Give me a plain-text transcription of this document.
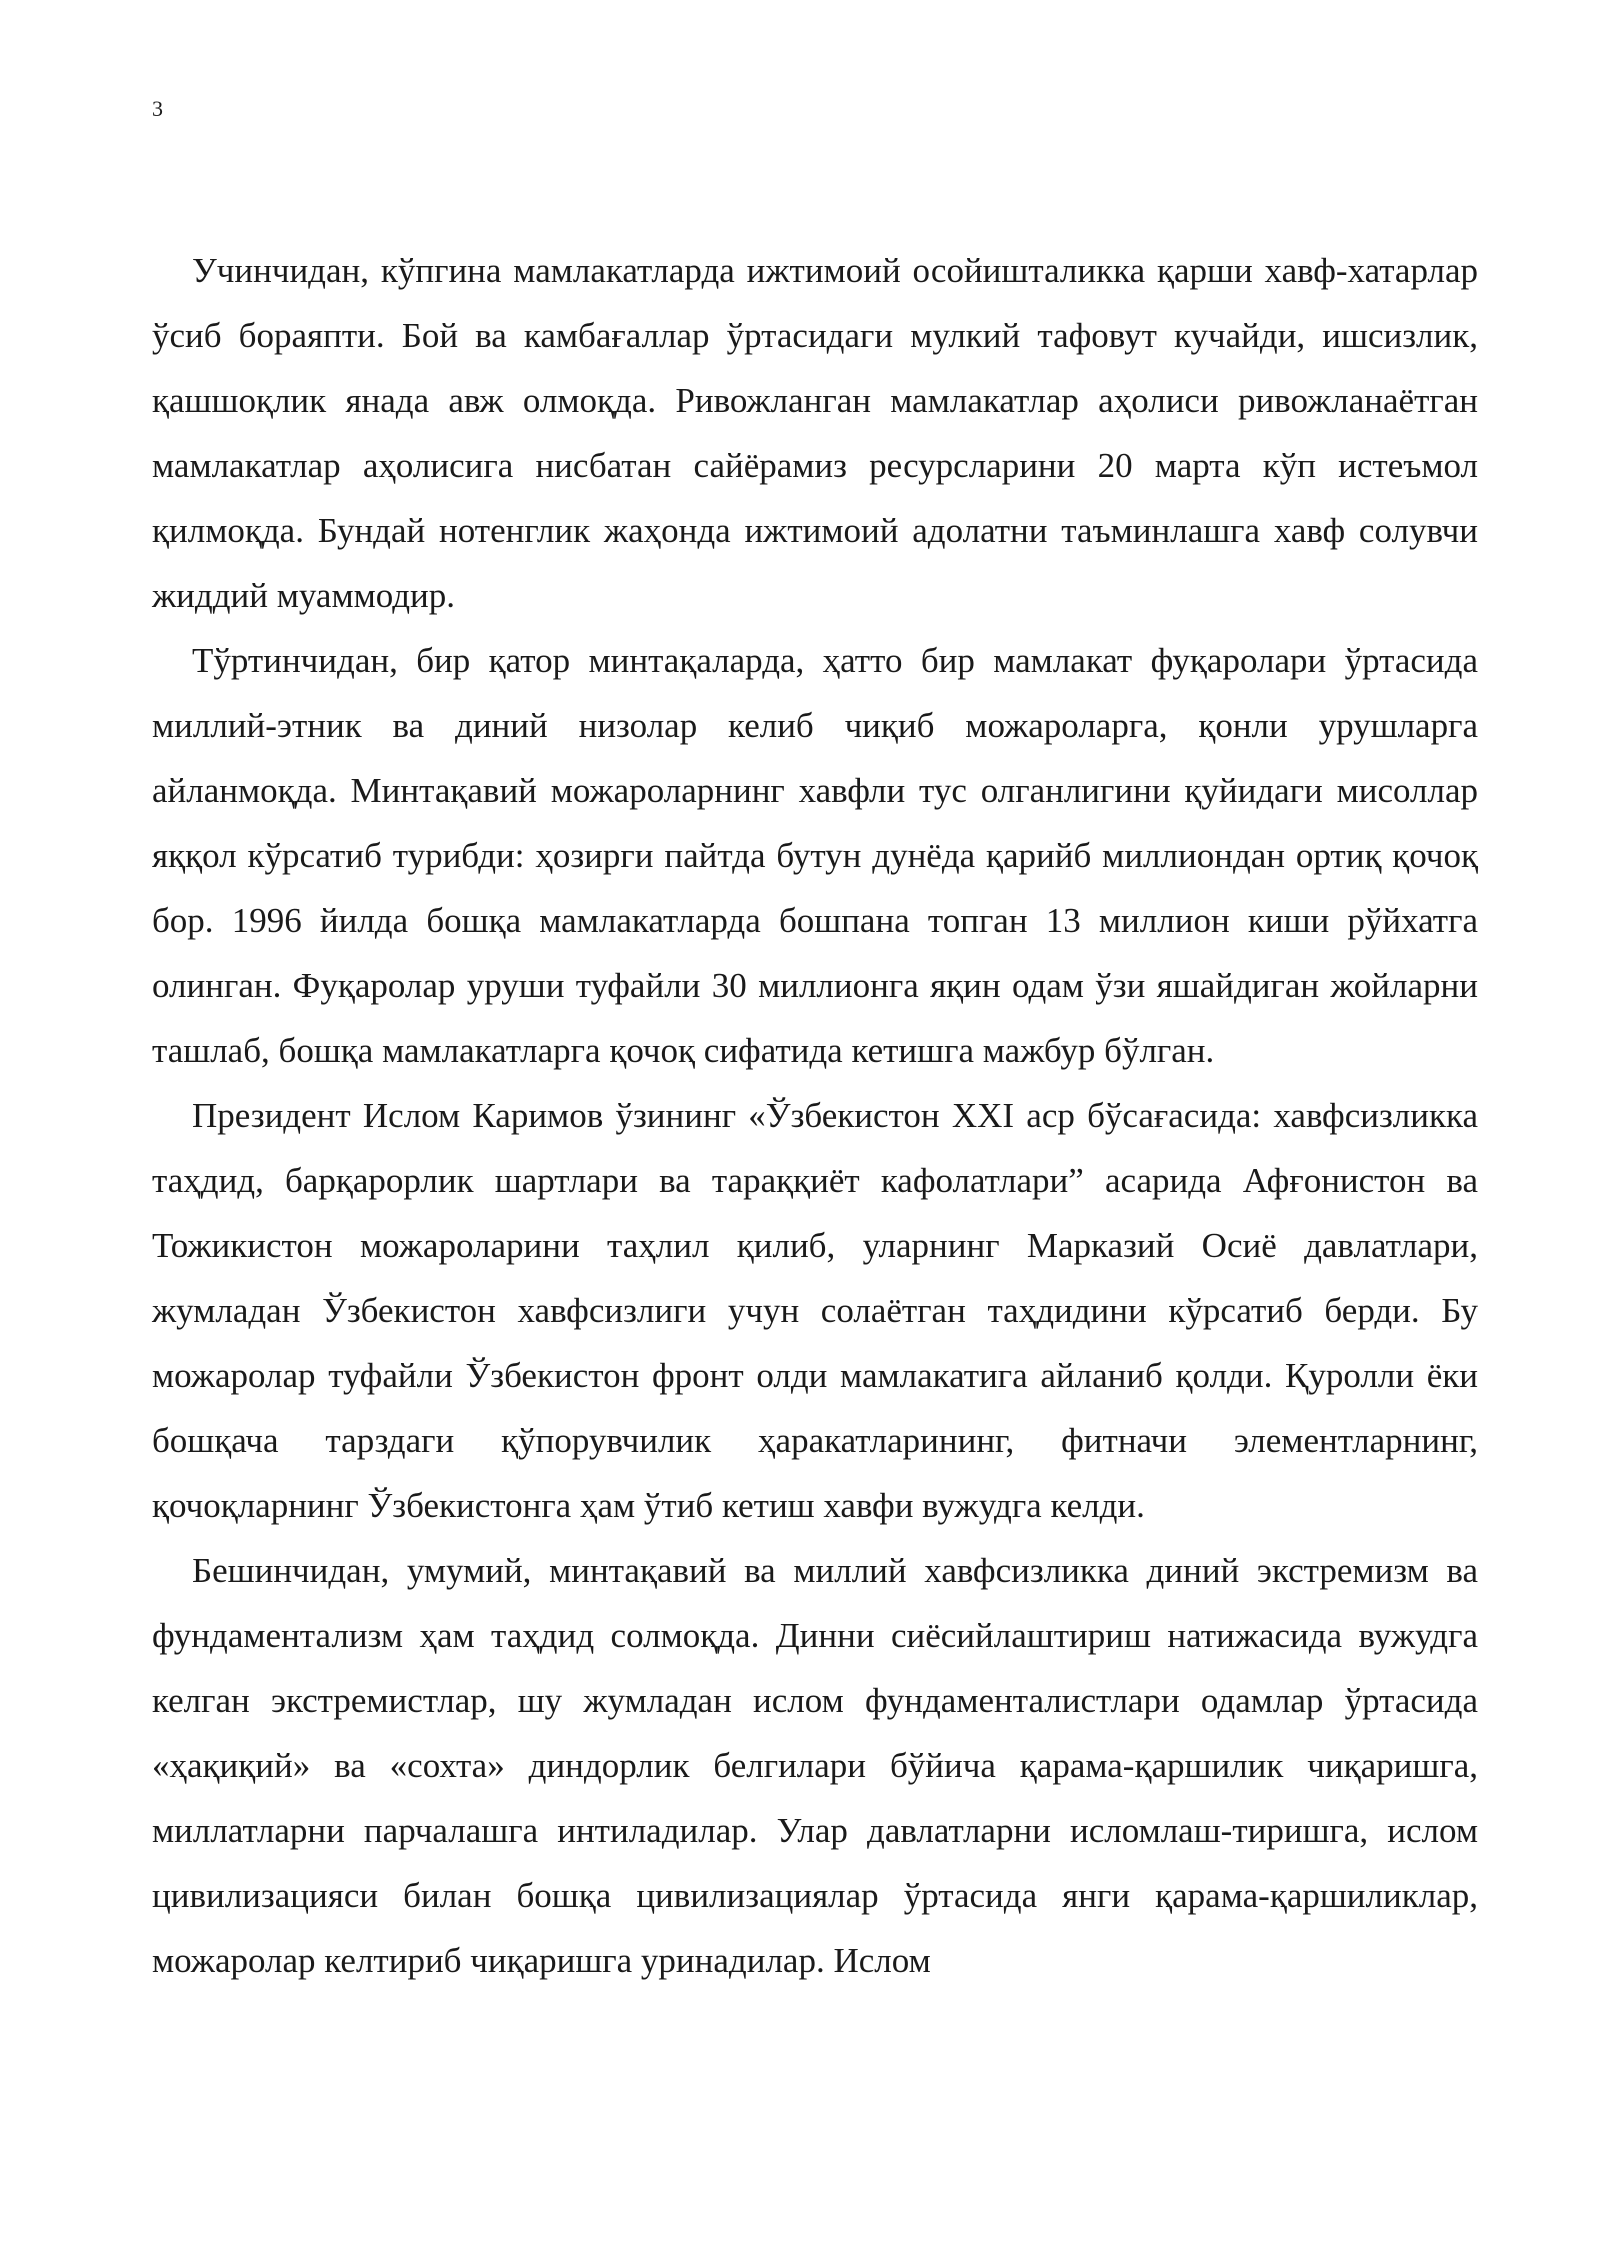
3

Учинчидан, кўпгина мамлакатларда ижтимоий осойишталикка қарши хавф-хатарлар ўсиб бораяпти. Бой ва камбағаллар ўртасидаги мулкий тафовут кучайди, ишсизлик, қашшоқлик янада авж олмоқда. Ривожланган мамлакатлар аҳолиси ривожланаётган мамлакатлар аҳолисига нисбатан сайёрамиз ресурсларини 20 марта кўп истеъмол қилмоқда. Бундай нотенглик жаҳонда ижтимоий адолатни таъминлашга хавф солувчи жиддий муаммодир.

Тўртинчидан, бир қатор минтақаларда, ҳатто бир мамлакат фуқаролари ўртасида миллий-этник ва диний низолар келиб чиқиб можароларга, қонли урушларга айланмоқда. Минтақавий можароларнинг хавфли тус олганлигини қуйидаги мисоллар яққол кўрсатиб турибди: ҳозирги пайтда бутун дунёда қарийб миллиондан ортиқ қочоқ бор. 1996 йилда бошқа мамлакатларда бошпана топган 13 миллион киши рўйхатга олинган. Фуқаролар уруши туфайли 30 миллионга яқин одам ўзи яшайдиган жойларни ташлаб, бошқа мамлакатларга қочоқ сифатида кетишга мажбур бўлган.

Президент Ислом Каримов ўзининг «Ўзбекистон XXI аср бўсағасида: хавфсизликка таҳдид, барқарорлик шартлари ва тараққиёт кафолатлари” асарида Афғонистон ва Тожикистон можароларини таҳлил қилиб, уларнинг Марказий Осиё давлатлари, жумладан Ўзбекистон хавфсизлиги учун солаётган таҳдидини кўрсатиб берди. Бу можаролар туфайли Ўзбекистон фронт олди мамлакатига айланиб қолди. Қуролли ёки бошқача тарздаги қўпорувчилик ҳаракатларининг, фитначи элементларнинг, қочоқларнинг Ўзбекистонга ҳам ўтиб кетиш хавфи вужудга келди.

Бешинчидан, умумий, минтақавий ва миллий хавфсизликка диний экстремизм ва фундаментализм ҳам таҳдид солмоқда. Динни сиёсийлаштириш натижасида вужудга келган экстремистлар, шу жумладан ислом фундаменталистлари одамлар ўртасида «ҳақиқий» ва «сохта» диндорлик белгилари бўйича қарама-қаршилик чиқаришга, миллатларни парчалашга интиладилар. Улар давлатларни исломлаш-тиришга, ислом цивилизацияси билан бошқа цивилизациялар ўртасида янги қарама-қаршиликлар, можаролар келтириб чиқаришга уринадилар. Ислом
